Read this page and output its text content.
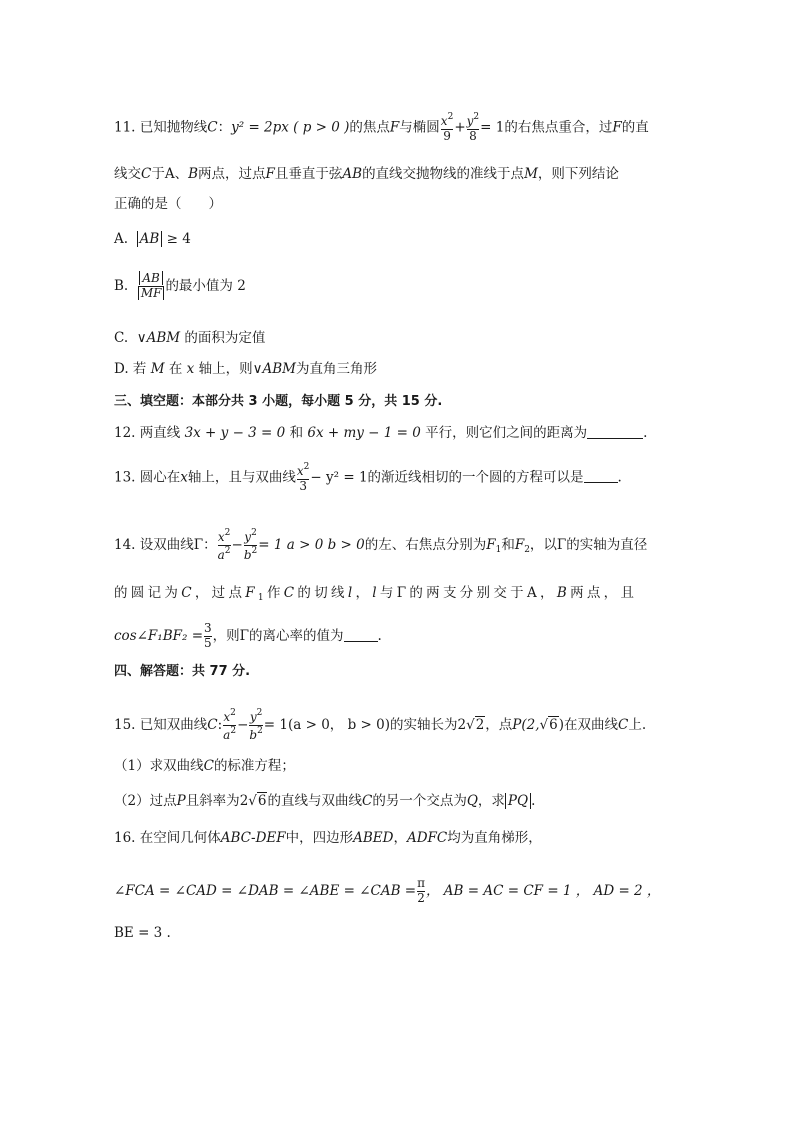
11. 已知抛物线C：y² = 2px ( p > 0 )的焦点F与椭圆 $\frac{x^2}{9} + \frac{y^2}{8} = 1$的右焦点重合，过F的直
线交C于A、B两点，过点F且垂直于弦AB的直线交抛物线的准线于点M，则下列结论
正确的是（　　）
A. AB ≥ 4
B. $\frac{AB}{MF}$ 的最小值为 2
C. ∨ABM 的面积为定值
D. 若 M 在 x 轴上，则∨ABM为直角三角形
三、填空题：本部分共 3 小题，每小题 5 分，共 15 分.
12. 两直线 3x + y − 3 = 0 和 6x + my − 1 = 0 平行，则它们之间的距离为	.
13. 圆心在x轴上，且与双曲线 $\frac{x^2}{3} - y^2 = 1$的渐近线相切的一个圆的方程可以是	.
14. 设双曲线Γ： $\frac{x^2}{a^2} - \frac{y^2}{b^2} = 1$ a > 0 b > 0的左、右焦点分别为$F_1$和$F_2$，以Γ的实轴为直径
的圆记为C，过点$F_1$作C的切线l，l与Γ的两支分别交于A，B两点，且
cos∠F₁BF₂ = $\frac{3}{5}$ ，则Γ的离心率的值为	.
四、解答题：共 77 分.
15. 已知双曲线C: $\frac{x^2}{a^2} - \frac{y^2}{b^2} = 1(a > 0$， b > 0)的实轴长为2√2，点P(2,√6)在双曲线C上.
（1）求双曲线C的标准方程；
（2）过点P且斜率为2√6的直线与双曲线C的另一个交点为Q，求 PQ .
16. 在空间几何体ABC-DEF中，四边形ABED，ADFC均为直角梯形，
∠FCA = ∠CAD = ∠DAB = ∠ABE = ∠CAB = $\frac{\pi}{2}$ ， AB = AC = CF = 1 ， AD = 2 ，
BE = 3 .
